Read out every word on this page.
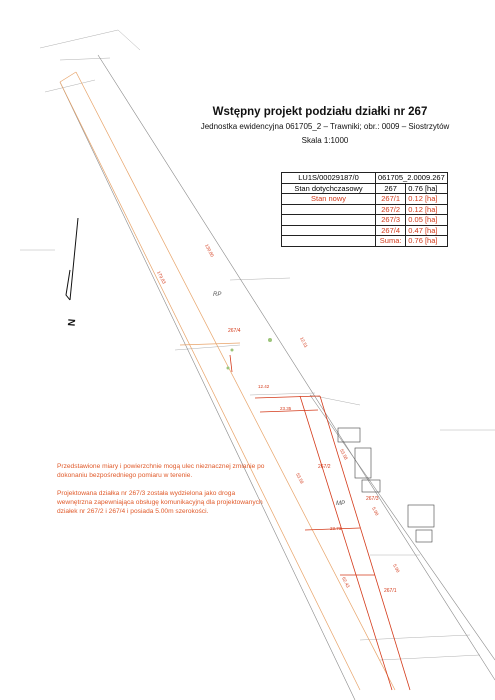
N
RP
MP
267/4
267/2
267/3
267/1
130.80
179.83
12.51
12.42
23.35
23.73
53.58
53.59
5.00
5.00
62.43
Wstępny projekt podziału działki nr 267
Jednostka ewidencyjna 061705_2 – Trawniki; obr.: 0009 – Siostrzytów
Skala 1:1000
LU1S/00029187/0	061705_2.0009.267	
Stan dotychczasowy	267	0.76 [ha]
Stan nowy	267/1	0.12 [ha]
	267/2	0.12 [ha]
	267/3	0.05 [ha]
	267/4	0.47 [ha]
	Suma:	0.76 [ha]
Przedstawione miary i powierzchnie mogą ulec nieznacznej zmianie po dokonaniu bezpośredniego pomiaru w terenie.
Projektowana działka nr 267/3 została wydzielona jako droga wewnętrzna zapewniająca obsługę komunikacyjną dla projektowanych działek nr 267/2 i 267/4 i posiada 5.00m szerokości.
